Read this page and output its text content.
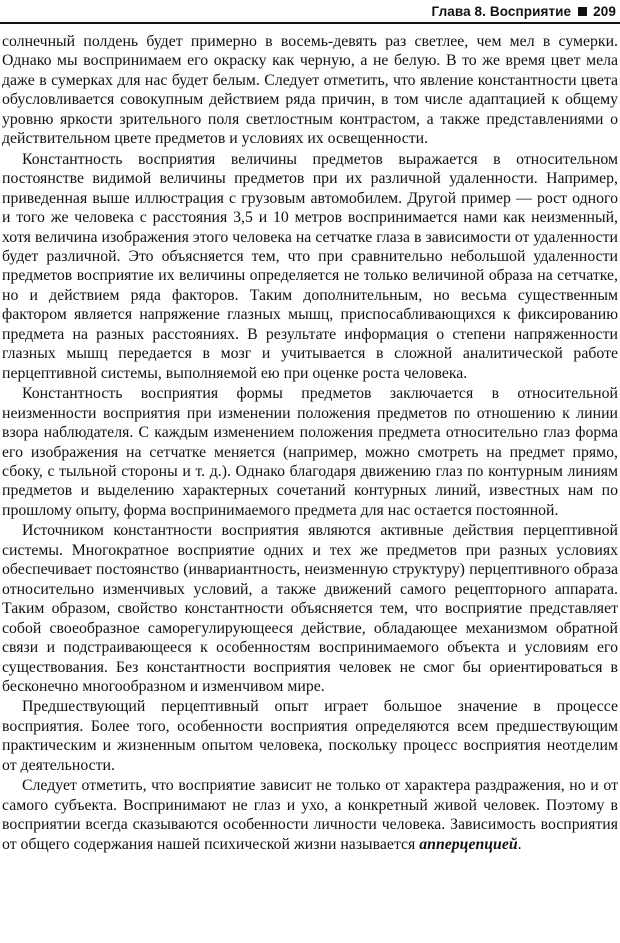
Глава 8. Восприятие 209

солнечный полдень будет примерно в восемь-девять раз светлее, чем мел в сумерки. Однако мы воспринимаем его окраску как черную, а не белую. В то же время цвет мела даже в сумерках для нас будет белым. Следует отметить, что явление константности цвета обусловливается совокупным действием ряда причин, в том числе адаптацией к общему уровню яркости зрительного поля светлостным контрастом, а также представлениями о действительном цвете предметов и условиях их освещенности.

Константность восприятия величины предметов выражается в относительном постоянстве видимой величины предметов при их различной удаленности. Например, приведенная выше иллюстрация с грузовым автомобилем. Другой пример — рост одного и того же человека с расстояния 3,5 и 10 метров воспринимается нами как неизменный, хотя величина изображения этого человека на сетчатке глаза в зависимости от удаленности будет различной. Это объясняется тем, что при сравнительно небольшой удаленности предметов восприятие их величины определяется не только величиной образа на сетчатке, но и действием ряда факторов. Таким дополнительным, но весьма существенным фактором является напряжение глазных мышц, приспосабливающихся к фиксированию предмета на разных расстояниях. В результате информация о степени напряженности глазных мышц передается в мозг и учитывается в сложной аналитической работе перцептивной системы, выполняемой ею при оценке роста человека.

Константность восприятия формы предметов заключается в относительной неизменности восприятия при изменении положения предметов по отношению к линии взора наблюдателя. С каждым изменением положения предмета относительно глаз форма его изображения на сетчатке меняется (например, можно смотреть на предмет прямо, сбоку, с тыльной стороны и т. д.). Однако благодаря движению глаз по контурным линиям предметов и выделению характерных сочетаний контурных линий, известных нам по прошлому опыту, форма воспринимаемого предмета для нас остается постоянной.

Источником константности восприятия являются активные действия перцептивной системы. Многократное восприятие одних и тех же предметов при разных условиях обеспечивает постоянство (инвариантность, неизменную структуру) перцептивного образа относительно изменчивых условий, а также движений самого рецепторного аппарата. Таким образом, свойство константности объясняется тем, что восприятие представляет собой своеобразное саморегулирующееся действие, обладающее механизмом обратной связи и подстраивающееся к особенностям воспринимаемого объекта и условиям его существования. Без константности восприятия человек не смог бы ориентироваться в бесконечно многообразном и изменчивом мире.

Предшествующий перцептивный опыт играет большое значение в процессе восприятия. Более того, особенности восприятия определяются всем предшествующим практическим и жизненным опытом человека, поскольку процесс восприятия неотделим от деятельности.

Следует отметить, что восприятие зависит не только от характера раздражения, но и от самого субъекта. Воспринимают не глаз и ухо, а конкретный живой человек. Поэтому в восприятии всегда сказываются особенности личности человека. Зависимость восприятия от общего содержания нашей психической жизни называется апперцепцией.
